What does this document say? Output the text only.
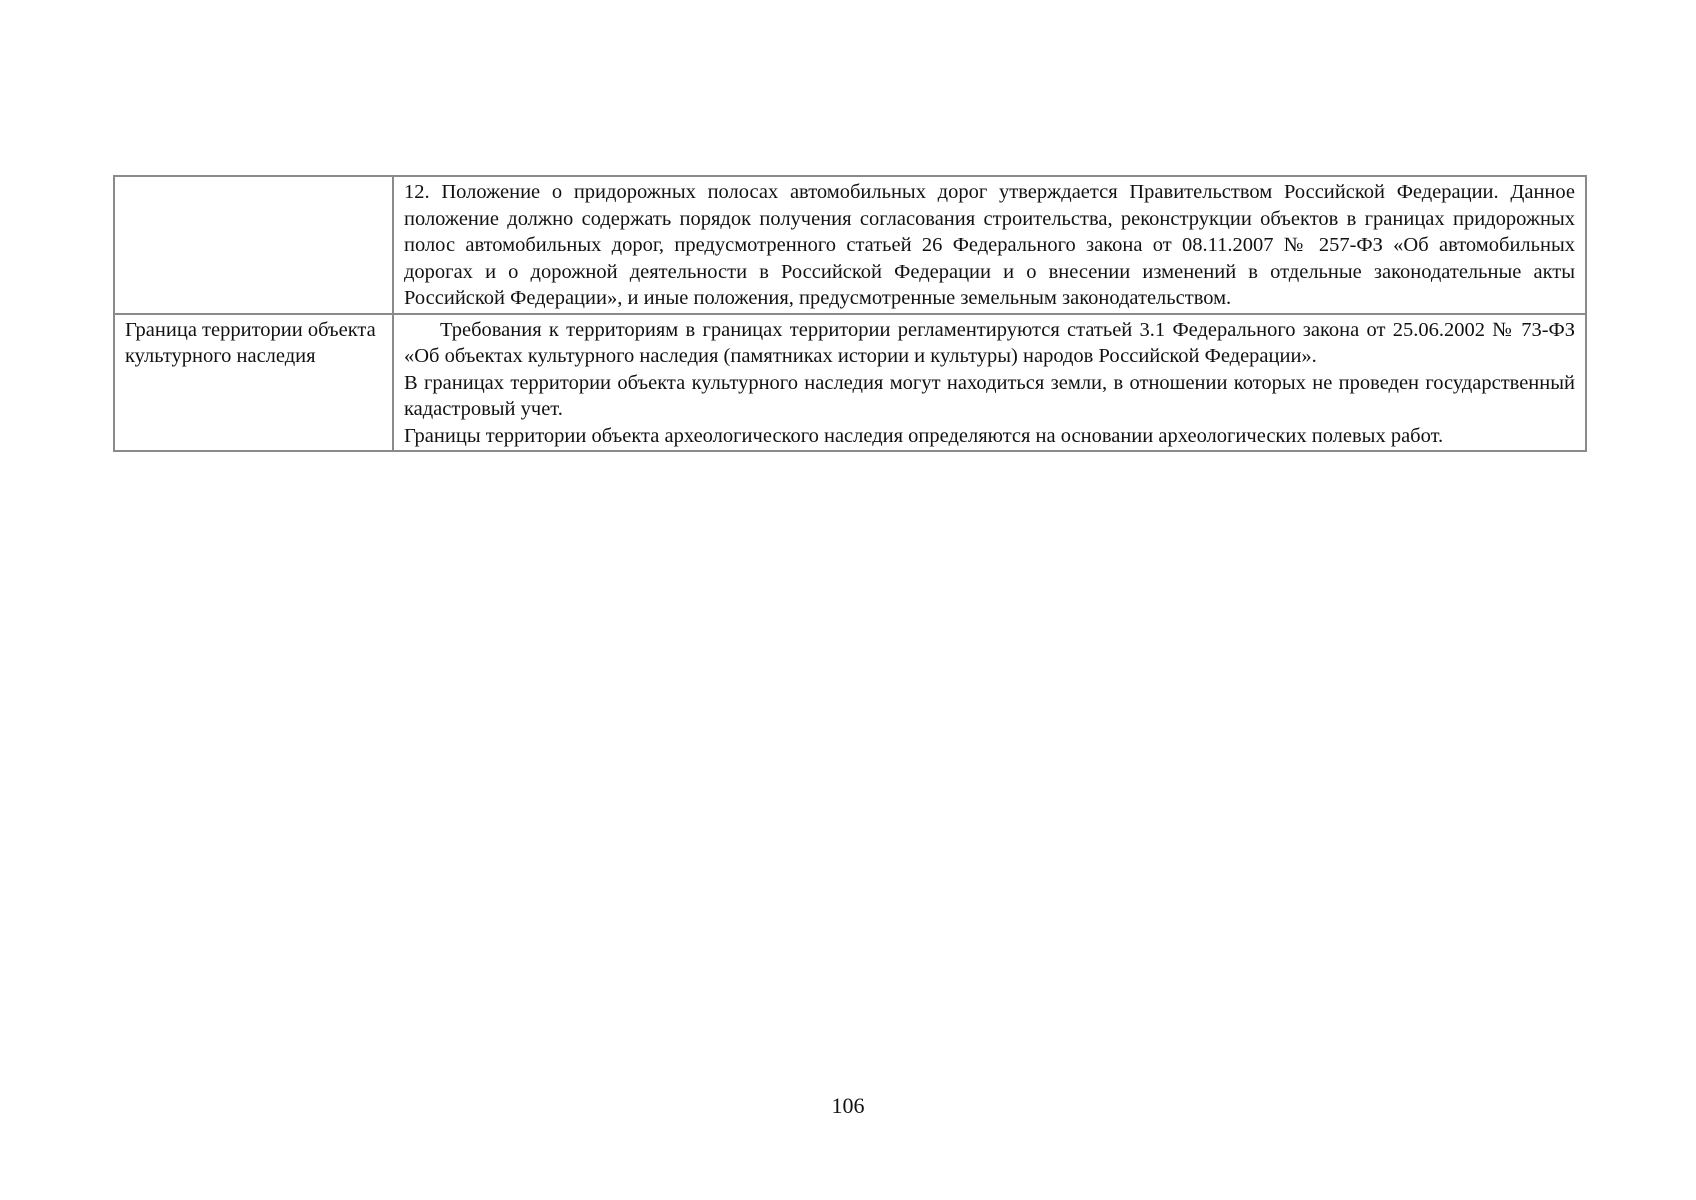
	12. Положение о придорожных полосах автомобильных дорог утверждается Правительством Российской Федерации. Данное положение должно содержать порядок получения согласования строительства, реконструкции объектов в границах придорожных полос автомобильных дорог, предусмотренного статьей 26 Федерального закона от 08.11.2007 № 257-ФЗ «Об автомобильных дорогах и о дорожной деятельности в Российской Федерации и о внесении изменений в отдельные законодательные акты Российской Федерации», и иные положения, предусмотренные земельным законодательством.

Граница территории объекта культурного наследия	Требования к территориям в границах территории регламентируются статьей 3.1 Федерального закона от 25.06.2002 № 73-ФЗ «Об объектах культурного наследия (памятниках истории и культуры) народов Российской Федерации».

В границах территории объекта культурного наследия могут находиться земли, в отношении которых не проведен государственный кадастровый учет.

Границы территории объекта археологического наследия определяются на основании археологических полевых работ.

106
